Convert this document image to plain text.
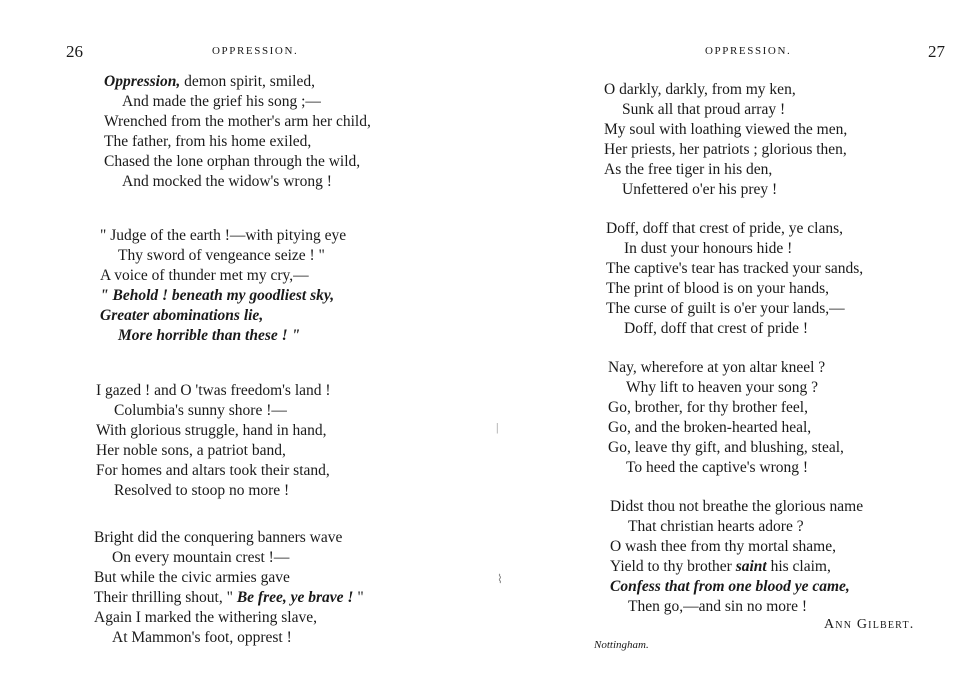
26	OPPRESSION.
Oppression, demon spirit, smiled,
And made the grief his song ;—
Wrenched from the mother's arm her child,
The father, from his home exiled,
Chased the lone orphan through the wild,
And mocked the widow's wrong !
" Judge of the earth !—with pitying eye
Thy sword of vengeance seize ! "
A voice of thunder met my cry,—
" Behold ! beneath my goodliest sky,
Greater abominations lie,
More horrible than these ! "
I gazed ! and O 'twas freedom's land !
Columbia's sunny shore !—
With glorious struggle, hand in hand,
Her noble sons, a patriot band,
For homes and altars took their stand,
Resolved to stoop no more !
Bright did the conquering banners wave
On every mountain crest !—
But while the civic armies gave
Their thrilling shout, " Be free, ye brave ! "
Again I marked the withering slave,
At Mammon's foot, opprest !
|
⌇
OPPRESSION.	27
O darkly, darkly, from my ken,
Sunk all that proud array !
My soul with loathing viewed the men,
Her priests, her patriots ; glorious then,
As the free tiger in his den,
Unfettered o'er his prey !
Doff, doff that crest of pride, ye clans,
In dust your honours hide !
The captive's tear has tracked your sands,
The print of blood is on your hands,
The curse of guilt is o'er your lands,—
Doff, doff that crest of pride !
Nay, wherefore at yon altar kneel ?
Why lift to heaven your song ?
Go, brother, for thy brother feel,
Go, and the broken-hearted heal,
Go, leave thy gift, and blushing, steal,
To heed the captive's wrong !
Didst thou not breathe the glorious name
That christian hearts adore ?
O wash thee from thy mortal shame,
Yield to thy brother saint his claim,
Confess that from one blood ye came,
Then go,—and sin no more !
Ann Gilbert.
Nottingham.
